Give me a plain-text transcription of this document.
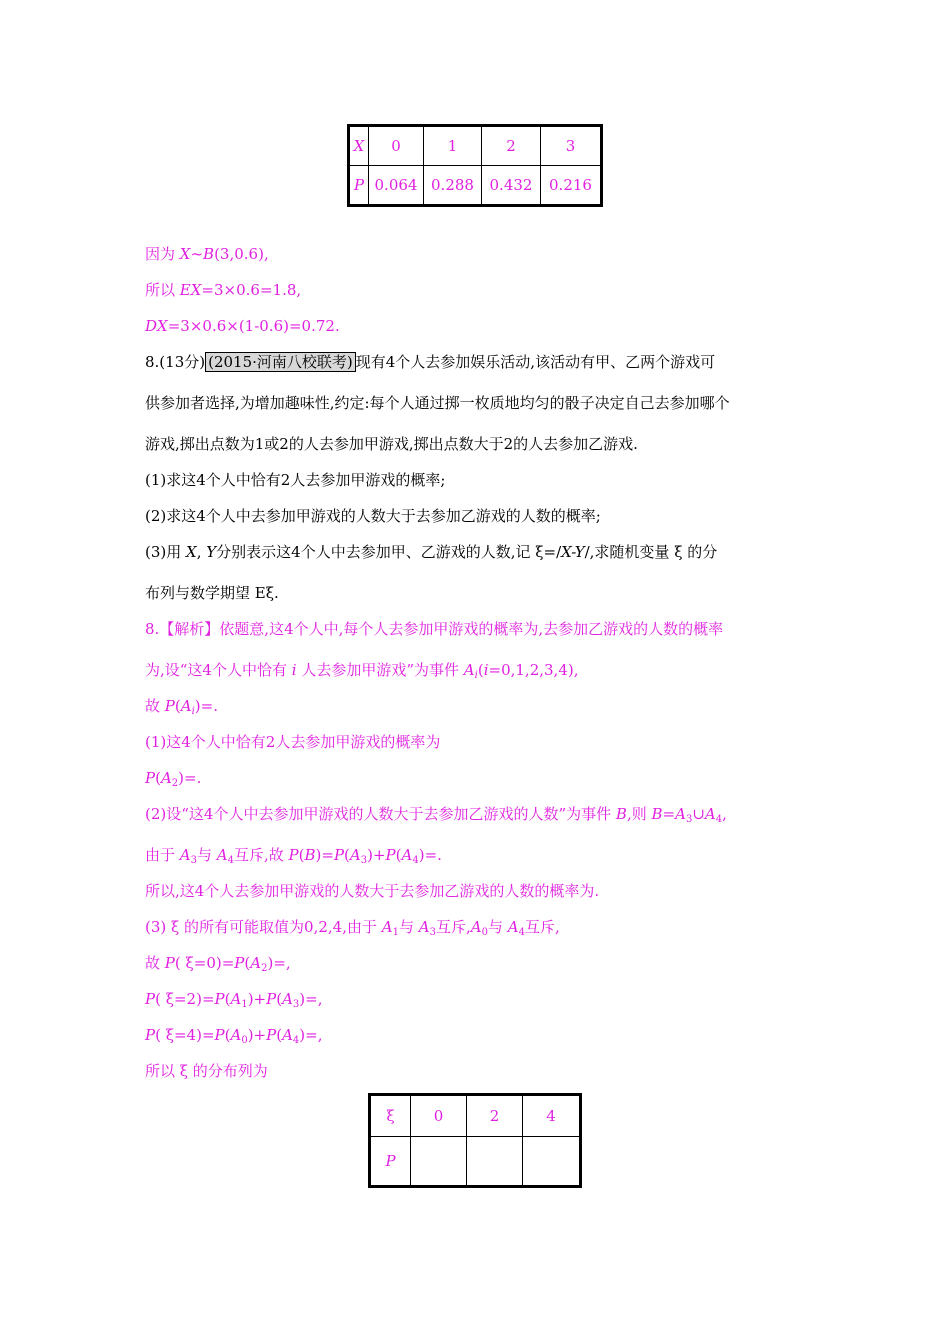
X	0	1	2	3
P	0.064	0.288	0.432	0.216
因为 X~B(3,0.6),
所以 EX=3×0.6=1.8,
DX=3×0.6×(1-0.6)=0.72.
8.(13分) (2015·河南八校联考) 现有4个人去参加娱乐活动,该活动有甲、乙两个游戏可
供参加者选择,为增加趣味性,约定:每个人通过掷一枚质地均匀的骰子决定自己去参加哪个
游戏,掷出点数为1或2的人去参加甲游戏,掷出点数大于2的人去参加乙游戏.
(1)求这4个人中恰有2人去参加甲游戏的概率;
(2)求这4个人中去参加甲游戏的人数大于去参加乙游戏的人数的概率;
(3)用 X, Y分别表示这4个人中去参加甲、乙游戏的人数,记 ξ=/X-Y/,求随机变量 ξ 的分
布列与数学期望 Eξ.
8.【解析】依题意,这4个人中,每个人去参加甲游戏的概率为,去参加乙游戏的人数的概率
为,设“这4个人中恰有 i 人去参加甲游戏”为事件 $A_i(i=0,1,2,3,4)$,
故 $P(A_i)=$.
(1)这4个人中恰有2人去参加甲游戏的概率为
$P(A_2)=$.
(2)设“这4个人中去参加甲游戏的人数大于去参加乙游戏的人数”为事件 B,则 $B=A_3\cup A_4$,
由于 $A_3$与 $A_4$互斥,故 $P(B)=P(A_3)+P(A_4)=$.
所以,这4个人去参加甲游戏的人数大于去参加乙游戏的人数的概率为.
(3) ξ 的所有可能取值为0,2,4,由于 $A_1$与 $A_3$互斥$,A_0$与 $A_4$互斥,
故 P( $\xi=0)=P(A_2)=$,
P( $\xi=2)=P(A_1)+P(A_3)=$,
P( $\xi=4)=P(A_0)+P(A_4)=$,
所以 ξ 的分布列为
ξ	0	2	4
P			
